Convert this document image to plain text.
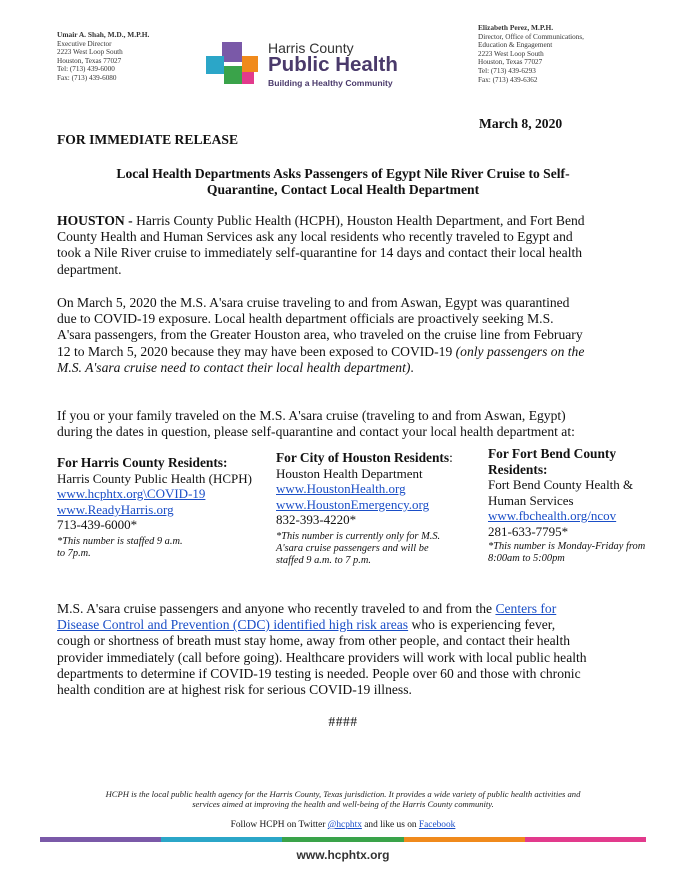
Umair A. Shah, M.D., M.P.H.
Executive Director
2223 West Loop South
Houston, Texas 77027
Tel: (713) 439-6000
Fax: (713) 439-6080
Harris County
Public Health
Building a Healthy Community
Elizabeth Perez, M.P.H.
Director, Office of Communications,
Education & Engagement
2223 West Loop South
Houston, Texas 77027
Tel: (713) 439-6293
Fax: (713) 439-6362
March 8, 2020
FOR IMMEDIATE RELEASE
Local Health Departments Asks Passengers of Egypt Nile River Cruise to Self-
Quarantine, Contact Local Health Department
HOUSTON - Harris County Public Health (HCPH), Houston Health Department, and Fort Bend
County Health and Human Services ask any local residents who recently traveled to Egypt and
took a Nile River cruise to immediately self-quarantine for 14 days and contact their local health
department.
On March 5, 2020 the M.S. A'sara cruise traveling to and from Aswan, Egypt was quarantined
due to COVID-19 exposure. Local health department officials are proactively seeking M.S.
A'sara passengers, from the Greater Houston area, who traveled on the cruise line from February
12 to March 5, 2020 because they may have been exposed to COVID-19 (only passengers on the
M.S. A'sara cruise need to contact their local health department).
If you or your family traveled on the M.S. A'sara cruise (traveling to and from Aswan, Egypt)
during the dates in question, please self-quarantine and contact your local health department at:
For Harris County Residents:
Harris County Public Health (HCPH)
www.hcphtx.org\COVID-19
www.ReadyHarris.org
713-439-6000*
*This number is staffed 9 a.m.
to 7p.m.
For City of Houston Residents:
Houston Health Department
www.HoustonHealth.org
www.HoustonEmergency.org
832-393-4220*
*This number is currently only for M.S.
A'sara cruise passengers and will be
staffed 9 a.m. to 7 p.m.
For Fort Bend County
Residents:
Fort Bend County Health &
Human Services
www.fbchealth.org/ncov
281-633-7795*
*This number is Monday-Friday from
8:00am to 5:00pm
M.S. A'sara cruise passengers and anyone who recently traveled to and from the Centers for
Disease Control and Prevention (CDC) identified high risk areas who is experiencing fever,
cough or shortness of breath must stay home, away from other people, and contact their health
provider immediately (call before going). Healthcare providers will work with local public health
departments to determine if COVID-19 testing is needed. People over 60 and those with chronic
health condition are at highest risk for serious COVID-19 illness.
####
HCPH is the local public health agency for the Harris County, Texas jurisdiction. It provides a wide variety of public health activities and
services aimed at improving the health and well-being of the Harris County community.
Follow HCPH on Twitter @hcphtx and like us on Facebook
www.hcphtx.org
